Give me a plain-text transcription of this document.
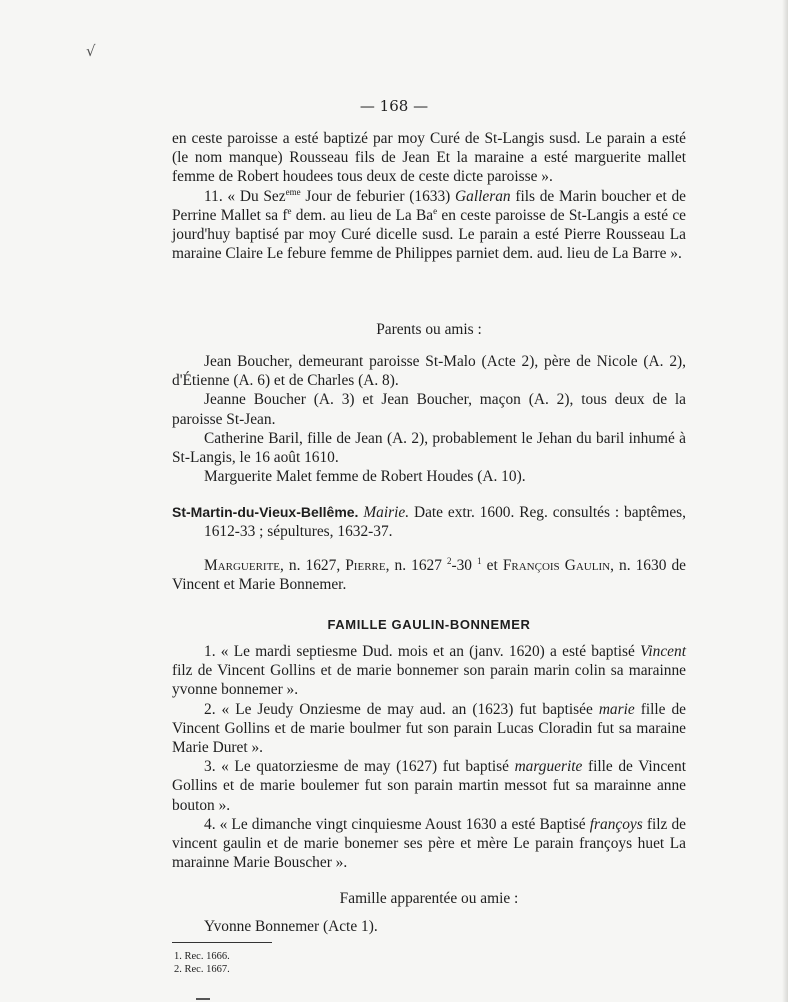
√
— 168 —

en ceste paroisse a esté baptizé par moy Curé de St-Langis susd. Le parain a esté (le nom manque) Rousseau fils de Jean Et la maraine a esté marguerite mallet femme de Robert houdees tous deux de ceste dicte paroisse ».

11. « Du Sez$^{eme}$ Jour de feburier (1633) Galleran fils de Marin boucher et de Perrine Mallet sa $f^e$ dem. au lieu de La Ba$^e$ en ceste paroisse de St-Langis a esté ce jourd'huy baptisé par moy Curé dicelle susd. Le parain a esté Pierre Rousseau La maraine Claire Le febure femme de Philippes parniet dem. aud. lieu de La Barre ».

Parents ou amis :

Jean Boucher, demeurant paroisse St-Malo (Acte 2), père de Nicole (A. 2), d'Étienne (A. 6) et de Charles (A. 8).

Jeanne Boucher (A. 3) et Jean Boucher, maçon (A. 2), tous deux de la paroisse St-Jean.

Catherine Baril, fille de Jean (A. 2), probablement le Jehan du baril inhumé à St-Langis, le 16 août 1610.

Marguerite Malet femme de Robert Houdes (A. 10).

St-Martin-du-Vieux-Bellême. Mairie. Date extr. 1600. Reg. consultés : baptêmes, 1612-33 ; sépultures, 1632-37.

Marguerite, n. 1627, Pierre, n. 1627 $^2$-30 $^1$ et François Gaulin, n. 1630 de Vincent et Marie Bonnemer.

FAMILLE GAULIN-BONNEMER

1. « Le mardi septiesme Dud. mois et an (janv. 1620) a esté baptisé Vincent filz de Vincent Gollins et de marie bonnemer son parain marin colin sa marainne yvonne bonnemer ».

2. « Le Jeudy Onziesme de may aud. an (1623) fut baptisée marie fille de Vincent Gollins et de marie boulmer fut son parain Lucas Cloradin fut sa maraine Marie Duret ».

3. « Le quatorziesme de may (1627) fut baptisé marguerite fille de Vincent Gollins et de marie boulemer fut son parain martin messot fut sa marainne anne bouton ».

4. « Le dimanche vingt cinquiesme Aoust 1630 a esté Baptisé françoys filz de vincent gaulin et de marie bonemer ses père et mère Le parain françoys huet La marainne Marie Bouscher ».

Famille apparentée ou amie :

Yvonne Bonnemer (Acte 1).

1. Rec. 1666.

2. Rec. 1667.
